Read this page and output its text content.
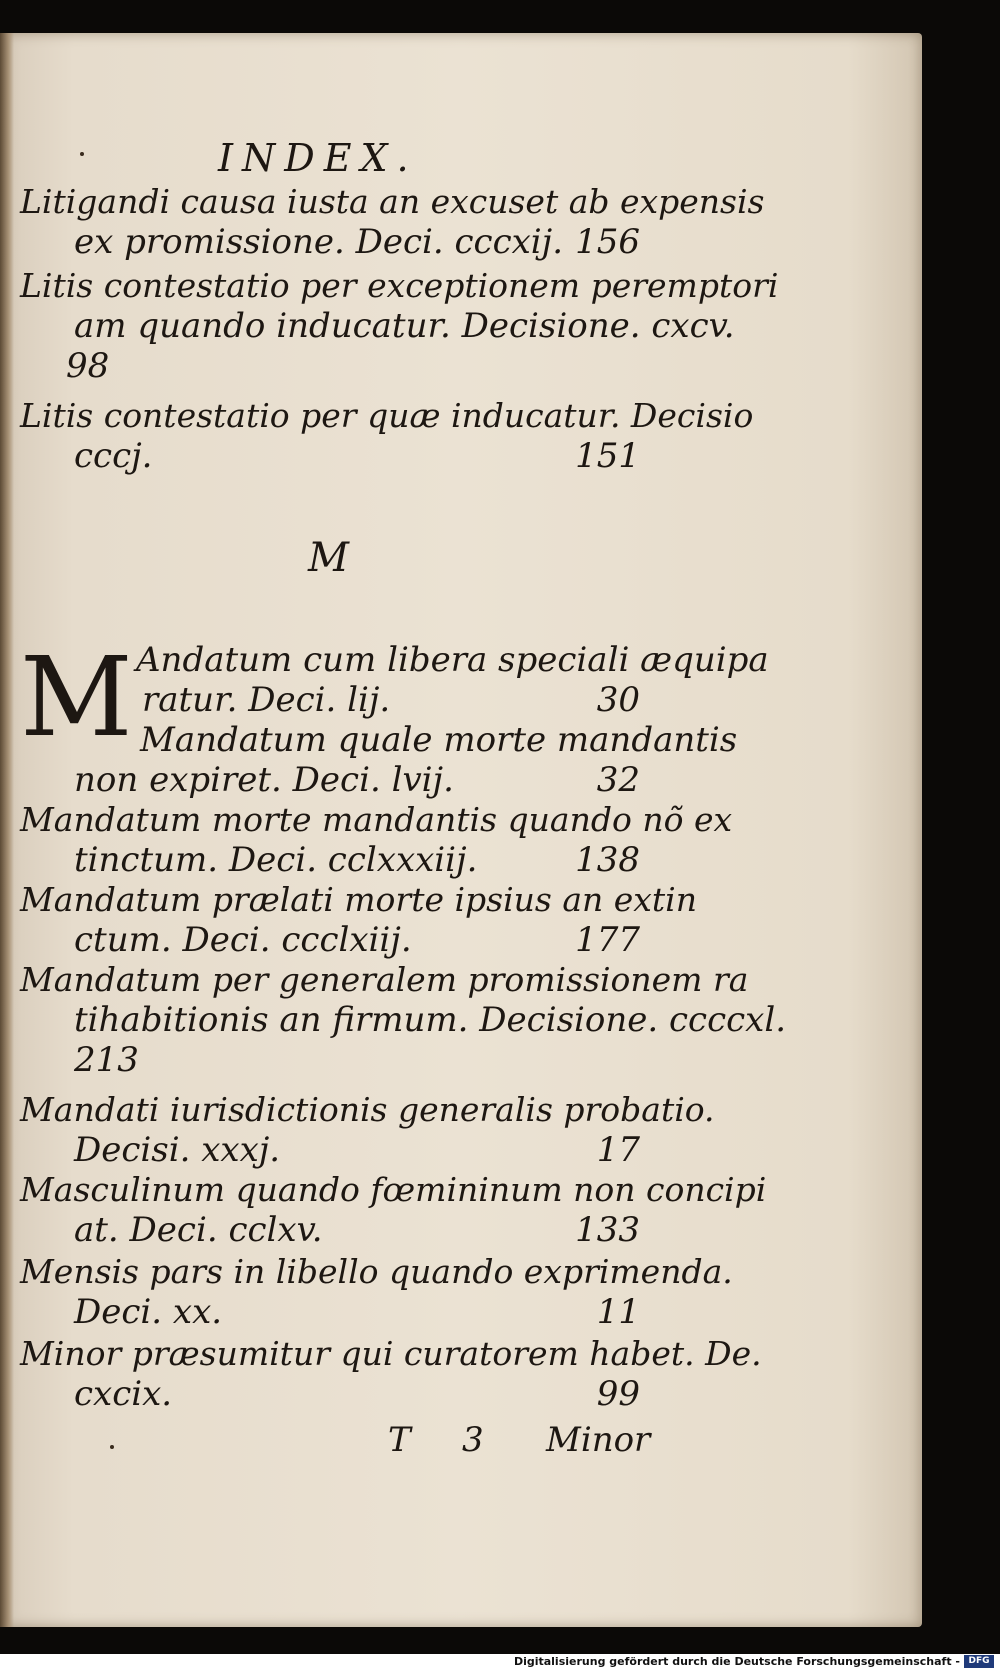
INDEX.
Litigandi causa iusta an excuset ab expensis
ex promissione. Deci. cccxij. 156
Litis contestatio per exceptionem peremptori
am quando inducatur. Decisione. cxcv.
98
Litis contestatio per quæ inducatur. Decisio
cccj.	151
M
M Andatum cum libera speciali æquipa
ratur. Deci. lij.	30
Mandatum quale morte mandantis
non expiret. Deci. lvij.	32
Mandatum morte mandantis quando nõ ex
tinctum. Deci. cclxxxiij.	138
Mandatum prælati morte ipsius an extin
ctum. Deci. ccclxiij.	177
Mandatum per generalem promissionem ra
tihabitionis an firmum. Decisione. ccccxl.
213
Mandati iurisdictionis generalis probatio.
Decisi. xxxj.	17
Masculinum quando fœmininum non concipi
at. Deci. cclxv.	133
Mensis pars in libello quando exprimenda.
Deci. xx.	11
Minor præsumitur qui curatorem habet. De.
cxcix.	99
T 3 Minor
Digitalisierung gefördert durch die Deutsche Forschungsgemeinschaft - DFG
